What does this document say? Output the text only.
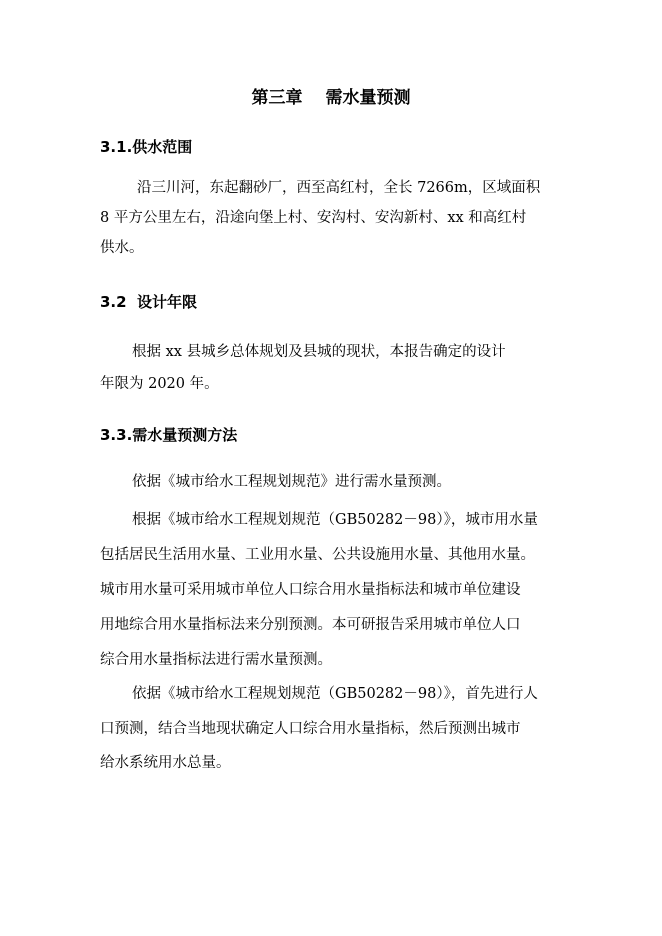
第三章　 需水量预测
3.1.供水范围

沿三川河，东起翻砂厂，西至高红村，全长 7266m，区域面积

8 平方公里左右，沿途向堡上村、安沟村、安沟新村、xx 和高红村

供水。

3.2  设计年限

根据 xx 县城乡总体规划及县城的现状，本报告确定的设计

年限为 2020 年。

3.3.需水量预测方法

依据《城市给水工程规划规范》进行需水量预测。

根据《城市给水工程规划规范（GB50282－98）》，城市用水量

包括居民生活用水量、工业用水量、公共设施用水量、其他用水量。

城市用水量可采用城市单位人口综合用水量指标法和城市单位建设

用地综合用水量指标法来分别预测。本可研报告采用城市单位人口

综合用水量指标法进行需水量预测。

依据《城市给水工程规划规范（GB50282－98）》，首先进行人

口预测，结合当地现状确定人口综合用水量指标，然后预测出城市

给水系统用水总量。
